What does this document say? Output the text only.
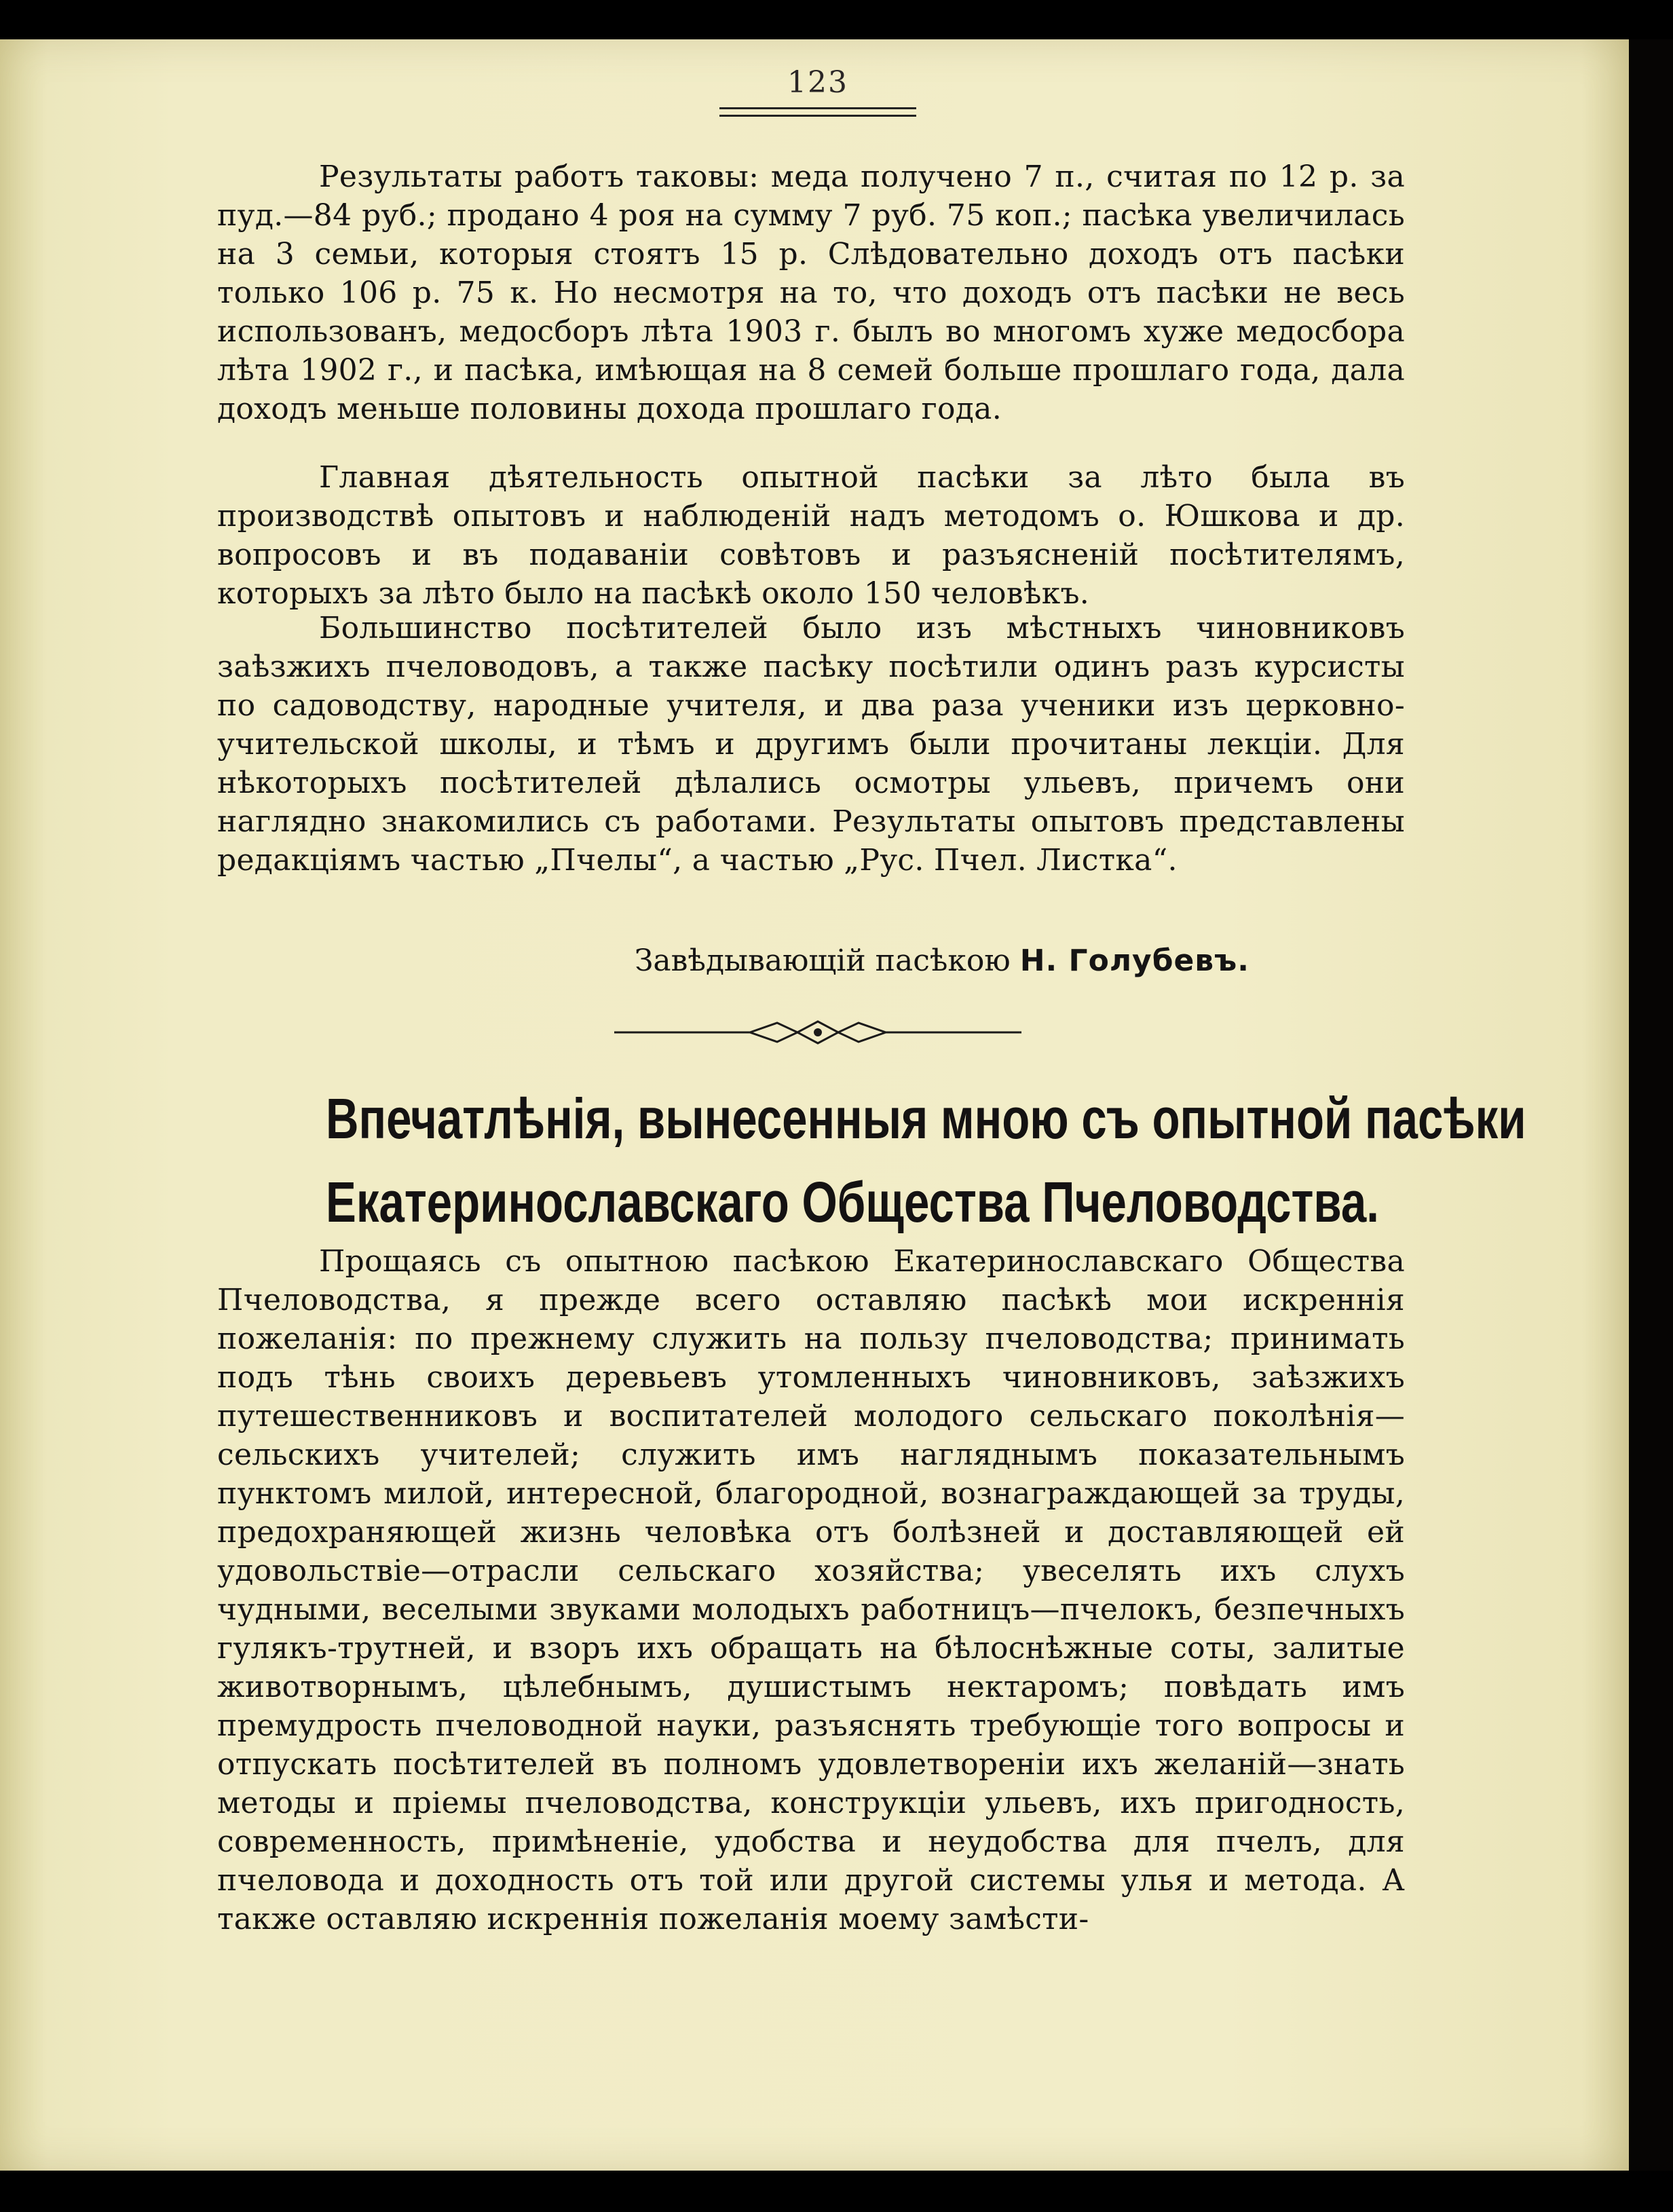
123

Результаты работъ таковы: меда получено 7 п., считая по 12 р. за пуд.—84 руб.; продано 4 роя на сумму 7 руб. 75 коп.; пасѣка увеличилась на 3 семьи, которыя стоятъ 15 р. Слѣдовательно доходъ отъ пасѣки только 106 р. 75 к. Но несмотря на то, что доходъ отъ пасѣки не весь использованъ, медосборъ лѣта 1903 г. былъ во многомъ хуже медосбора лѣта 1902 г., и пасѣка, имѣющая на 8 семей больше прошлаго года, дала доходъ меньше половины дохода прошлаго года.

Главная дѣятельность опытной пасѣки за лѣто была въ производствѣ опытовъ и наблюденій надъ методомъ о. Юшкова и др. вопросовъ и въ подаваніи совѣтовъ и разъясненій посѣтителямъ, которыхъ за лѣто было на пасѣкѣ около 150 человѣкъ.

Большинство посѣтителей было изъ мѣстныхъ чиновниковъ заѣзжихъ пчеловодовъ, а также пасѣку посѣтили одинъ разъ курсисты по садоводству, народные учителя, и два раза ученики изъ церковно-учительской школы, и тѣмъ и другимъ были прочитаны лекціи. Для нѣкоторыхъ посѣтителей дѣлались осмотры ульевъ, причемъ они наглядно знакомились съ работами. Результаты опытовъ представлены редакціямъ частью „Пчелы“, а частью „Рус. Пчел. Листка“.

Завѣдывающій пасѣкою Н. Голубевъ.
Впечатлѣнія, вынесенныя мною съ опытной пасѣки
Екатеринославскаго Общества Пчеловодства.

Прощаясь съ опытною пасѣкою Екатеринославскаго Общества Пчеловодства, я прежде всего оставляю пасѣкѣ мои искреннія пожеланія: по прежнему служить на пользу пчеловодства; принимать подъ тѣнь своихъ деревьевъ утомленныхъ чиновниковъ, заѣзжихъ путешественниковъ и воспитателей молодого сельскаго поколѣнія—сельскихъ учителей; служить имъ нагляднымъ показательнымъ пунктомъ милой, интересной, благородной, вознаграждающей за труды, предохраняющей жизнь человѣка отъ болѣзней и доставляющей ей удовольствіе—отрасли сельскаго хозяйства; увеселять ихъ слухъ чудными, веселыми звуками молодыхъ работницъ—пчелокъ, безпечныхъ гулякъ-трутней, и взоръ ихъ обращать на бѣлоснѣжные соты, залитые животворнымъ, цѣлебнымъ, душистымъ нектаромъ; повѣдать имъ премудрость пчеловодной науки, разъяснять требующіе того вопросы и отпускать посѣтителей въ полномъ удовлетвореніи ихъ желаній—знать методы и пріемы пчеловодства, конструкціи ульевъ, ихъ пригодность, современность, примѣненіе, удобства и неудобства для пчелъ, для пчеловода и доходность отъ той или другой системы улья и метода. А также оставляю искреннія пожеланія моему замѣсти-
